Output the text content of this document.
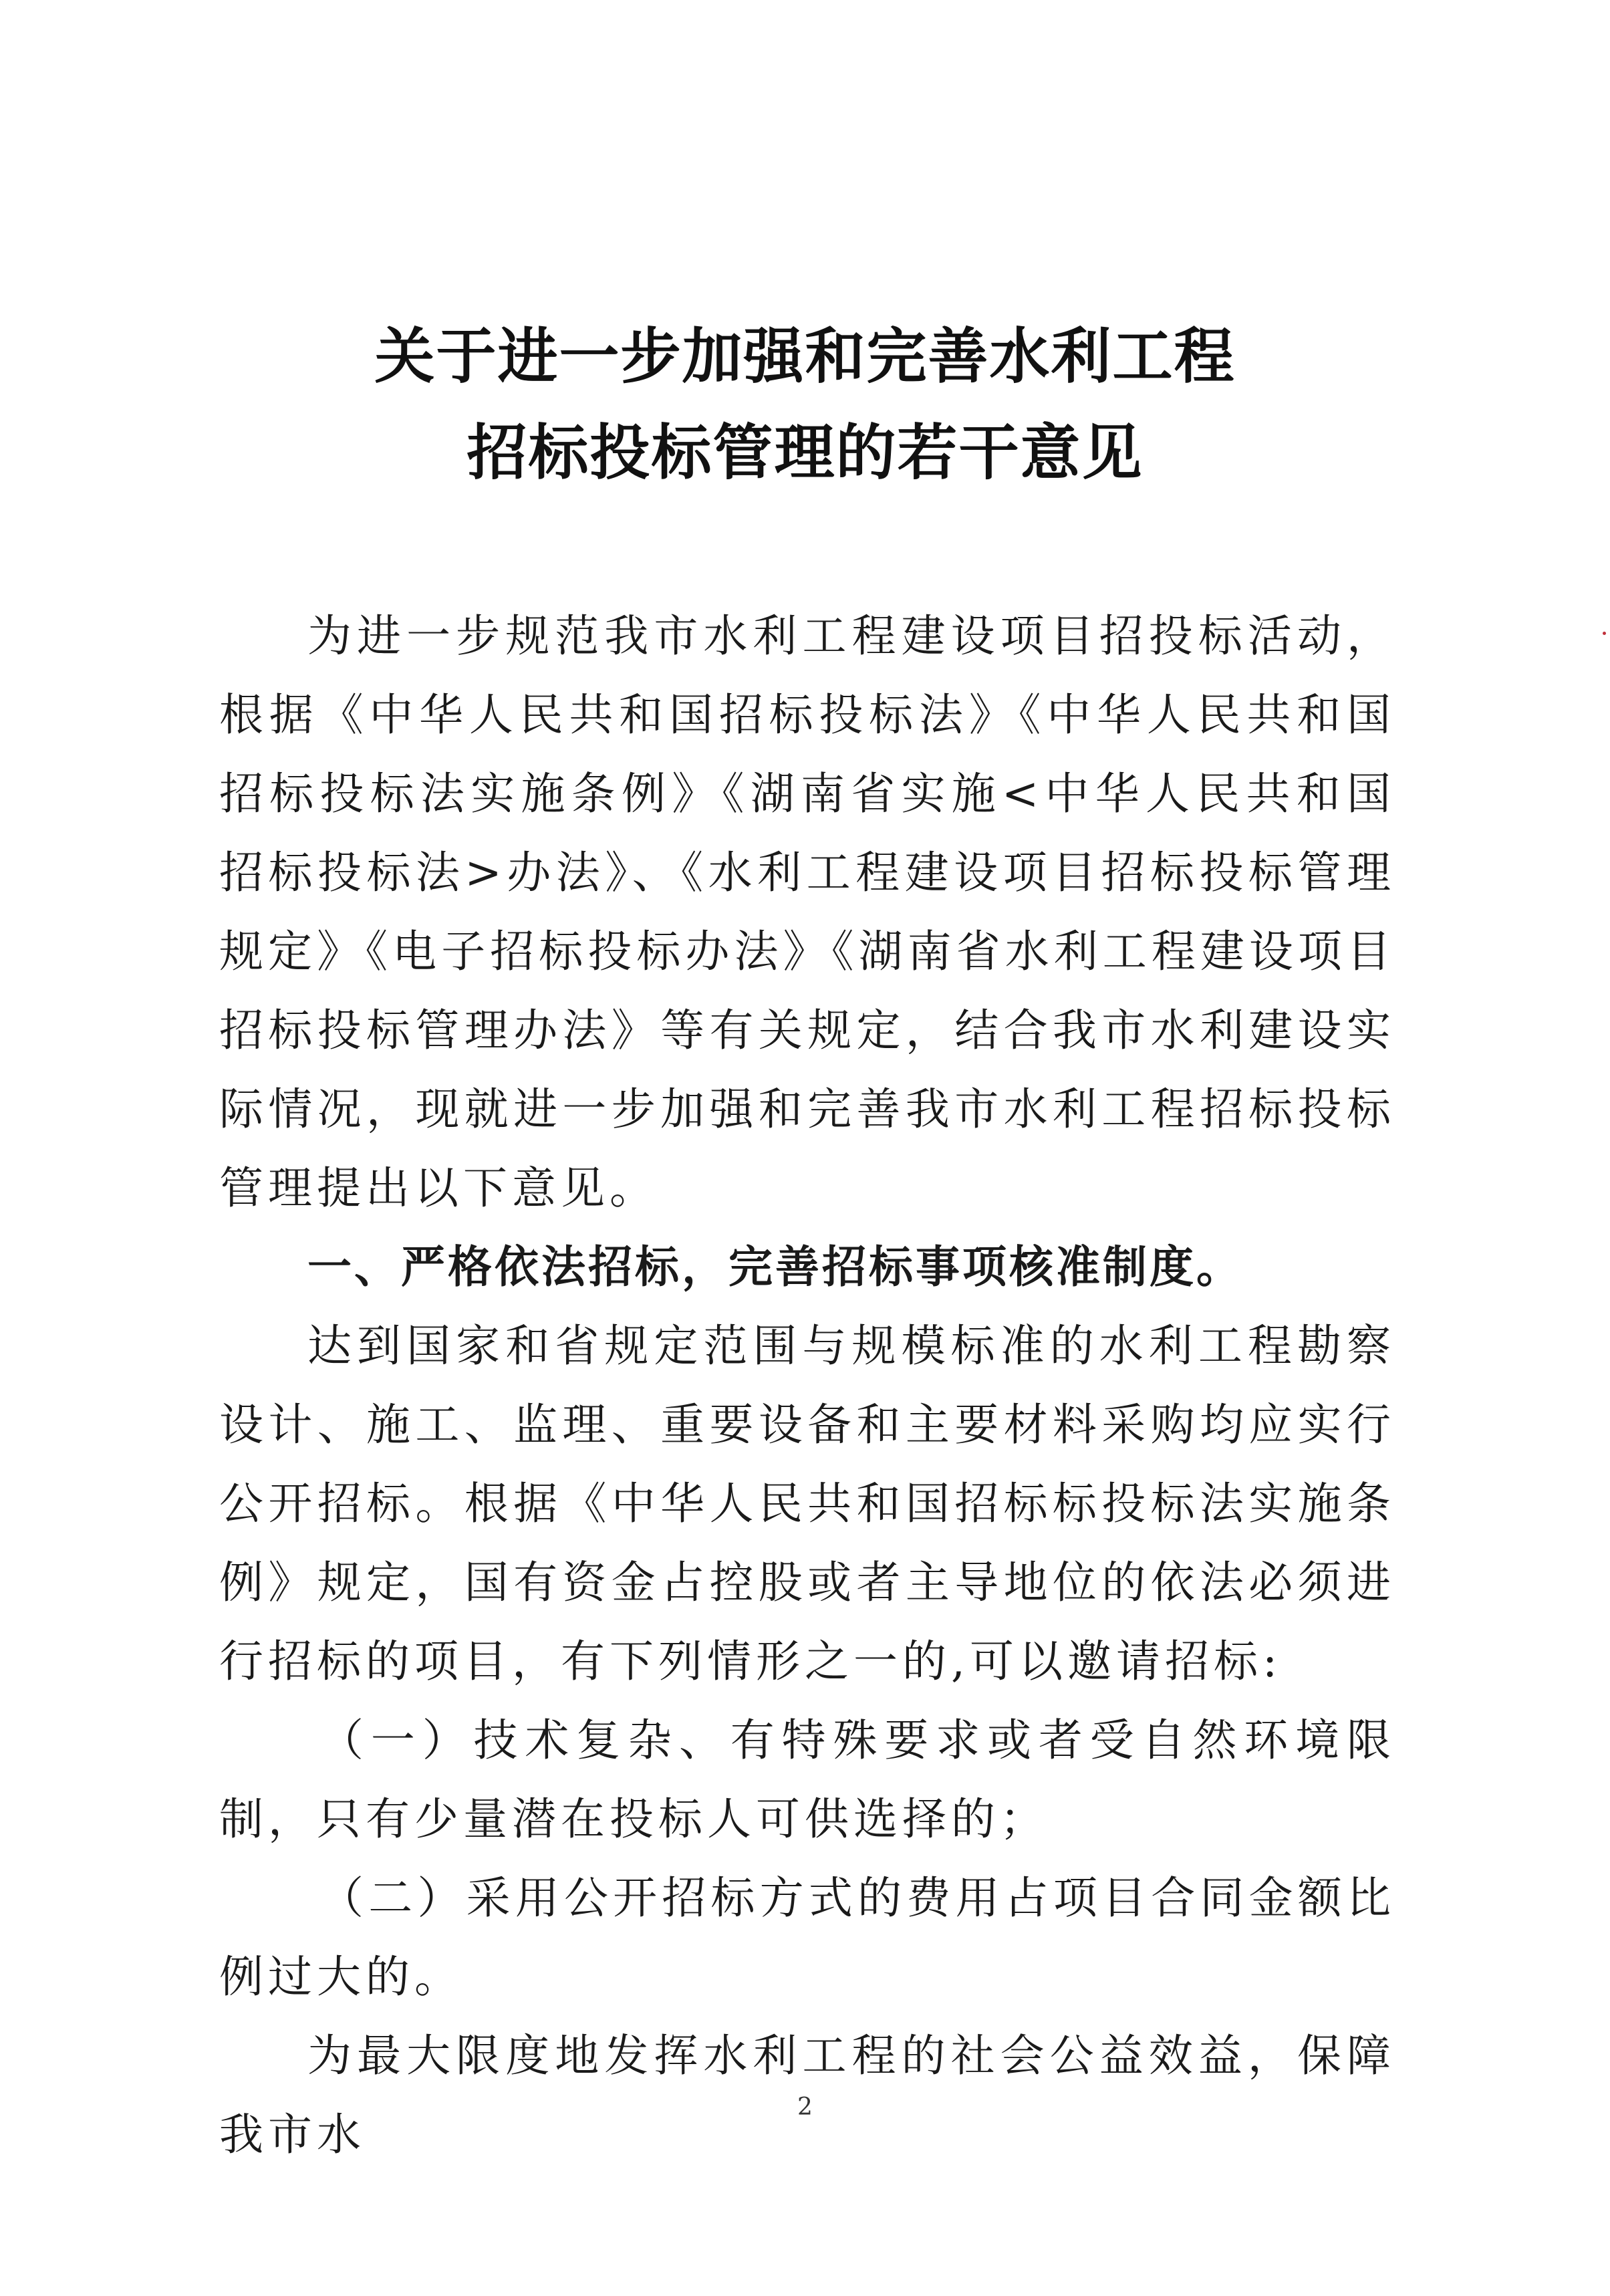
关于进一步加强和完善水利工程
招标投标管理的若干意见

为进一步规范我市水利工程建设项目招投标活动，根据《中华人民共和国招标投标法》《中华人民共和国招标投标法实施条例》《湖南省实施<中华人民共和国招标投标法>办法》、《水利工程建设项目招标投标管理规定》《电子招标投标办法》《湖南省水利工程建设项目招标投标管理办法》等有关规定，结合我市水利建设实际情况，现就进一步加强和完善我市水利工程招标投标管理提出以下意见。

一、严格依法招标，完善招标事项核准制度。

达到国家和省规定范围与规模标准的水利工程勘察设计、施工、监理、重要设备和主要材料采购均应实行公开招标。根据《中华人民共和国招标标投标法实施条例》规定，国有资金占控股或者主导地位的依法必须进行招标的项目，有下列情形之一的,可以邀请招标:

（一）技术复杂、有特殊要求或者受自然环境限制，只有少量潜在投标人可供选择的；

（二）采用公开招标方式的费用占项目合同金额比例过大的。

为最大限度地发挥水利工程的社会公益效益，保障我市水

2
